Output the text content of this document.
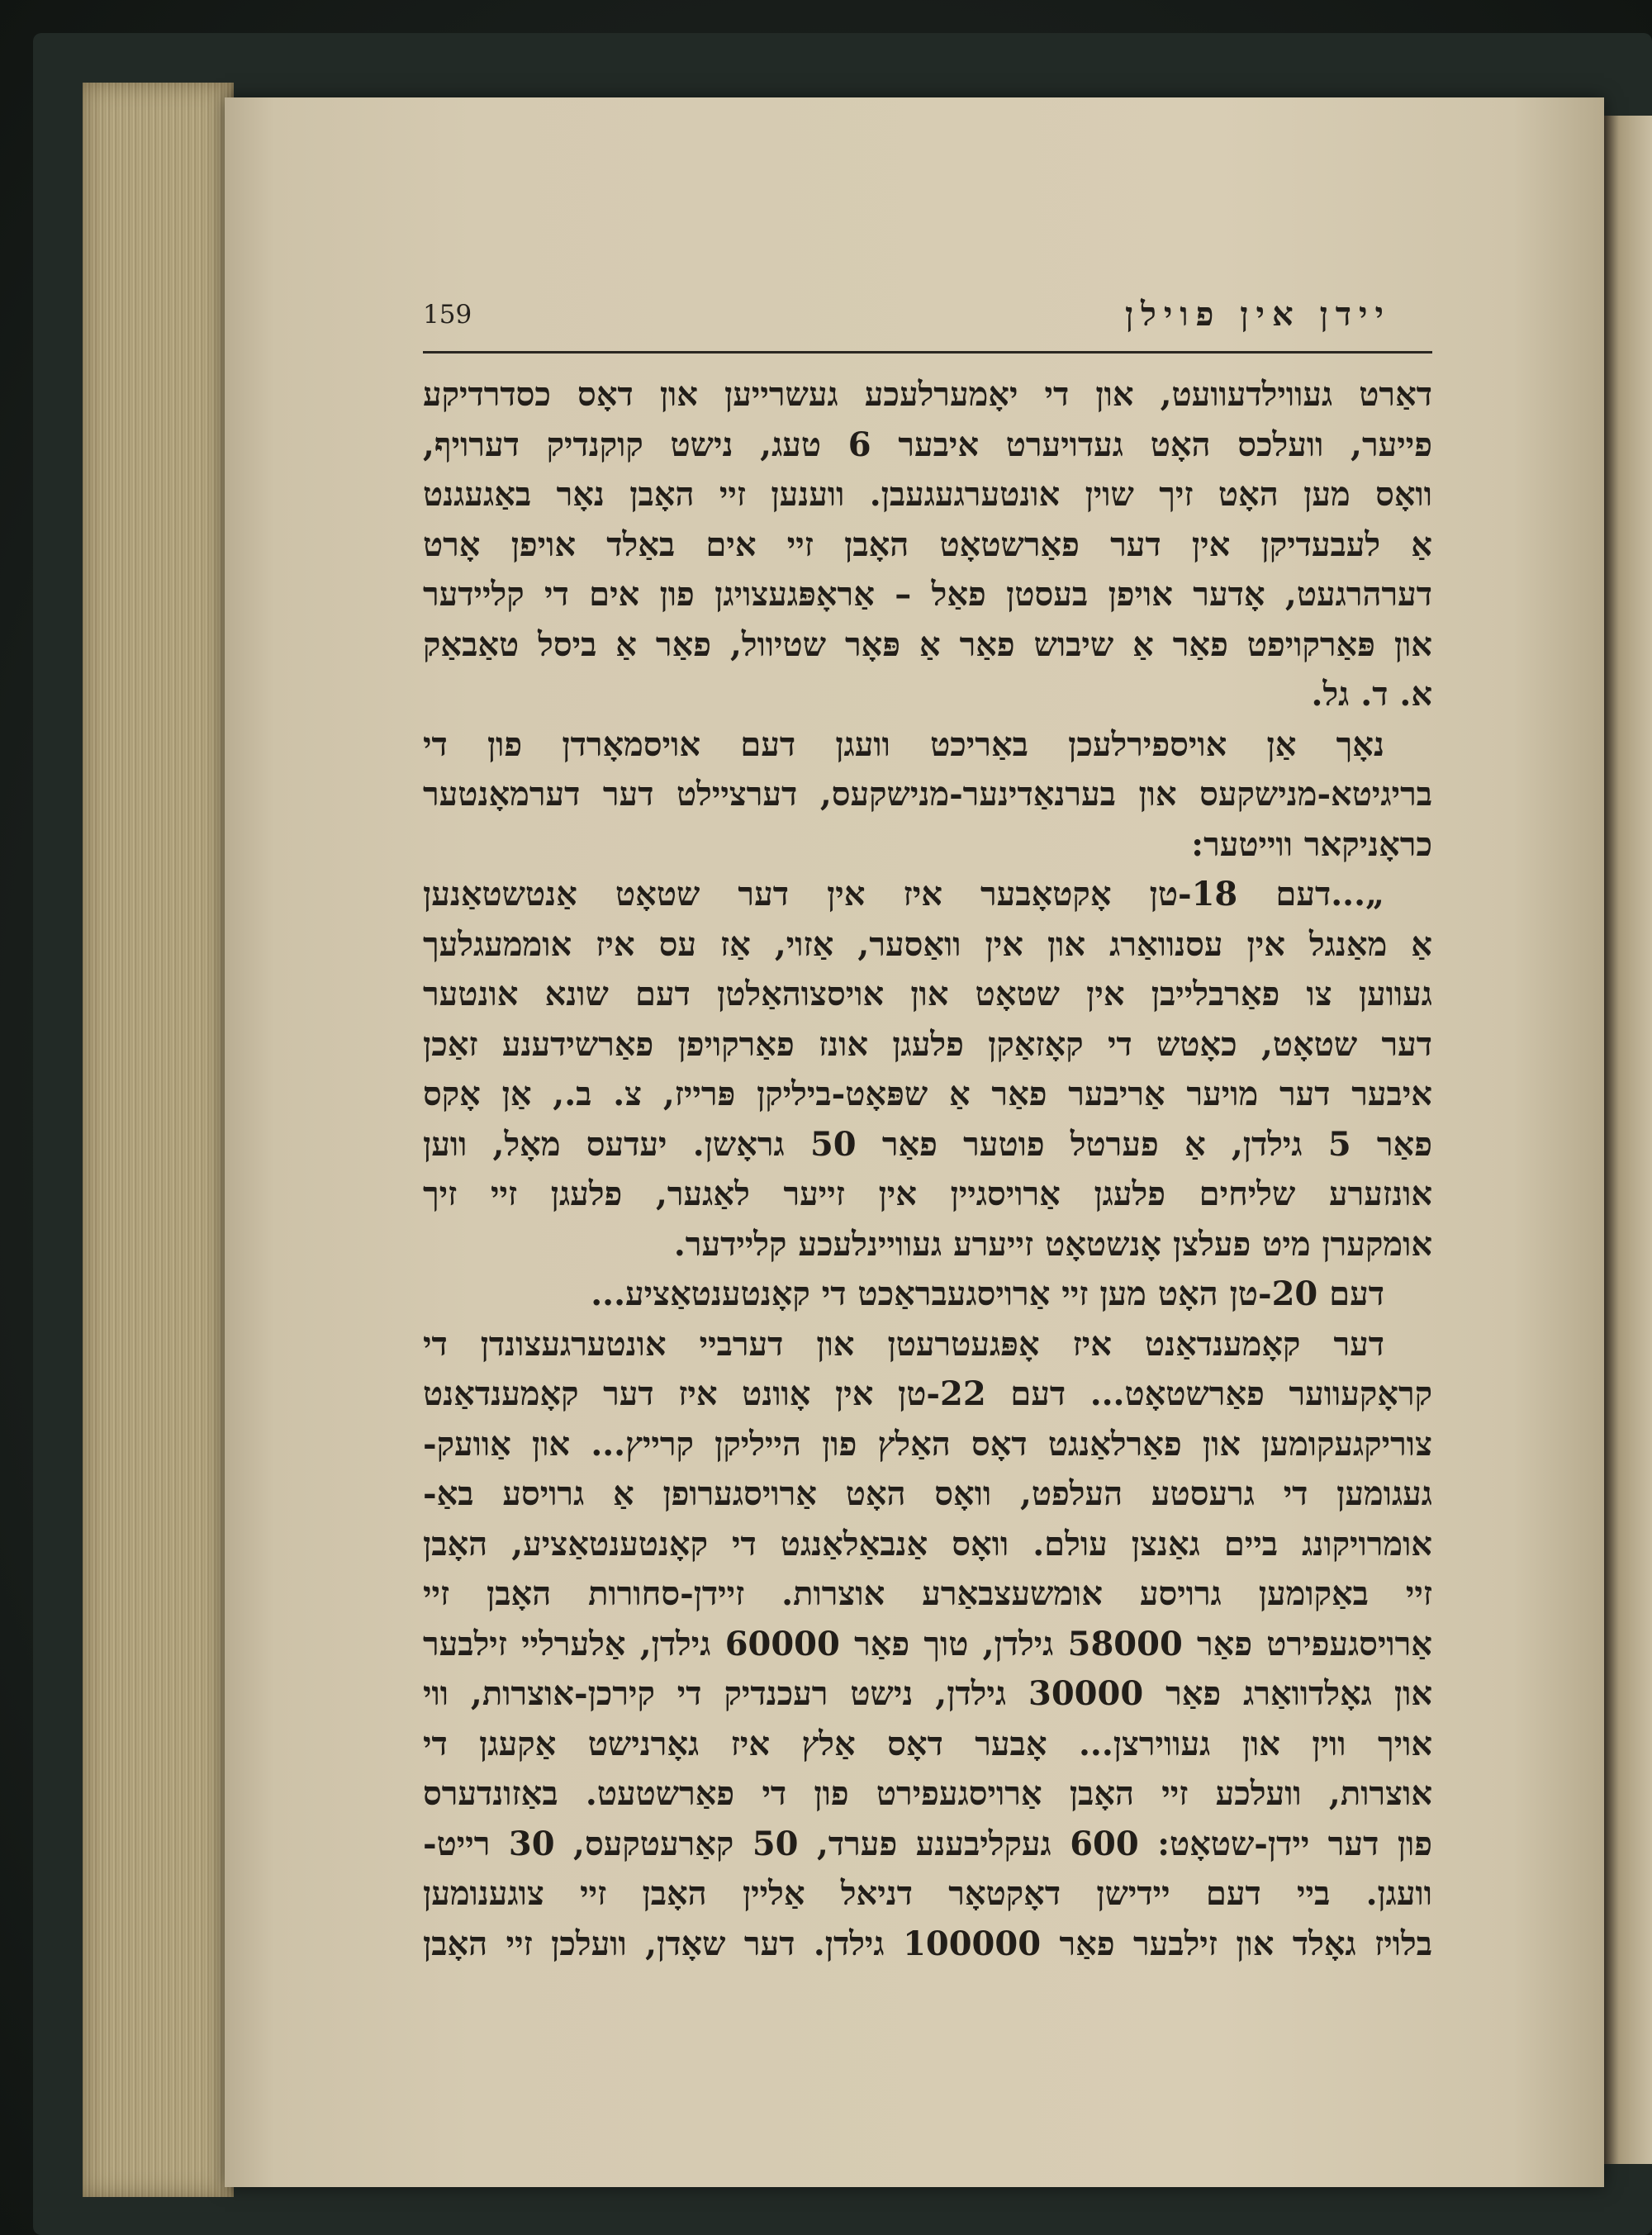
159	יידן אין פוילן
דאַרט געווילדעוועט, און די יאָמערלעכע געשרייען און דאָס כסדרדיקע
פייער, וועלכס האָט געדויערט איבער 6 טעג, נישט קוקנדיק דערויף,
וואָס מען האָט זיך שוין אונטערגעגעבן. ווענען זיי האָבן נאָר באַגעגנט
אַ לעבעדיקן אין דער פאַרשטאָט האָבן זיי אים באַלד אויפן אָרט
דערהרגעט, אָדער אויפן בעסטן פאַל – אַראָפּגעצויגן פון אים די קליידער
און פּאַרקויפט פאַר אַ שיבוש פאַר אַ פּאָר שטיוול, פאַר אַ ביסל טאַבאַק
א. ד. גל.
נאָך אַן אויספירלעכן באַריכט וועגן דעם אויסמאָרדן פון די
בריגיטא-מנישקעס און בערנאַדינער-מנישקעס, דערציילט דער דערמאָנטער
כראָניקאר ווייטער:
„...דעם 18-טן אָקטאָבער איז אין דער שטאָט אַנטשטאַנען
אַ מאַנגל אין עסנוואַרג און אין וואַסער, אַזוי, אַז עס איז אוממעגלעך
געווען צו פאַרבלייבן אין שטאָט און אויסצוהאַלטן דעם שונא אונטער
דער שטאָט, כאָטש די קאָזאַקן פלעגן אונז פאַרקויפן פאַרשידענע זאַכן
איבער דער מויער אַריבער פאַר אַ שפּאָט-ביליקן פּרייז, צ. ב., אַן אָקס
פאַר 5 גילדן, אַ פערטל פוטער פאַר 50 גראָשן. יעדעס מאָל, ווען
אונזערע שליחים פלעגן אַרויסגיין אין זייער לאַגער, פלעגן זיי זיך
אומקערן מיט פעלצן אָנשטאָט זייערע געוויינלעכע קליידער.
דעם 20-טן האָט מען זיי אַרויסגעבראַכט די קאָנטענטאַציע...
דער קאָמענדאַנט איז אָפּגעטרעטן און דערביי אונטערגעצונדן די
קראָקעווער פאַרשטאָט... דעם 22-טן אין אָוונט איז דער קאָמענדאַנט
צוריקגעקומען און פאַרלאַנגט דאָס האַלץ פון הייליקן קרייץ... און אַוועק-
געגומען די גרעסטע העלפט, וואָס האָט אַרויסגערופן אַ גרויסע באַ-
אומרויקונג ביים גאַנצן עולם. וואָס אַנבאַלאַנגט די קאָנטענטאַציע, האָבן
זיי באַקומען גרויסע אומשעצבאַרע אוצרות. זיידן-סחורות האָבן זיי
אַרויסגעפירט פאַר 58000 גילדן, טוך פאַר 60000 גילדן, אַלערליי זילבער
און גאָלדוואַרג פאַר 30000 גילדן, נישט רעכנדיק די קירכן-אוצרות, ווי
אויך ווין און געווירצן... אָבער דאָס אַלץ איז גאָרנישט אַקעגן די
אוצרות, וועלכע זיי האָבן אַרויסגעפירט פון די פאַרשטעט. באַזונדערס
פון דער יידן-שטאָט: 600 געקליבענע פערד, 50 קאַרעטקעס, 30 רייט-
וועגן. ביי דעם יידישן דאָקטאָר דניאל אַליין האָבן זיי צוגענומען
בלויז גאָלד און זילבער פאַר 100000 גילדן. דער שאָדן, וועלכן זיי האָבן
